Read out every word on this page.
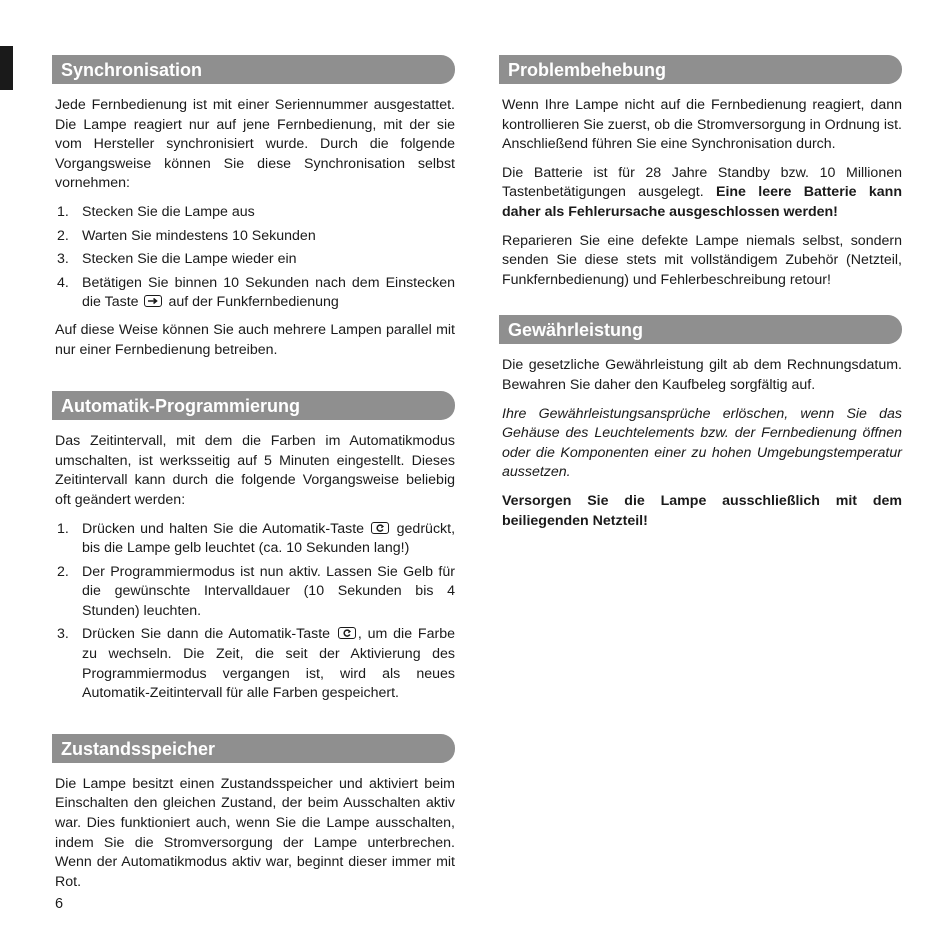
Synchronisation

Jede Fernbedienung ist mit einer Seriennummer ausgestattet. Die Lampe reagiert nur auf jene Fernbedienung, mit der sie vom Hersteller synchronisiert wurde. Durch die folgende Vorgangsweise können Sie diese Synchronisation selbst vornehmen:

1. Stecken Sie die Lampe aus
2. Warten Sie mindestens 10 Sekunden
3. Stecken Sie die Lampe wieder ein
4. Betätigen Sie binnen 10 Sekunden nach dem Einstecken die Taste auf der Funkfernbedienung

Auf diese Weise können Sie auch mehrere Lampen parallel mit nur einer Fernbedienung betreiben.

Automatik-Programmierung

Das Zeitintervall, mit dem die Farben im Automatikmodus umschalten, ist werksseitig auf 5 Minuten eingestellt. Dieses Zeitintervall kann durch die folgende Vorgangsweise beliebig oft geändert werden:

1. Drücken und halten Sie die Automatik-Taste gedrückt, bis die Lampe gelb leuchtet (ca. 10 Sekunden lang!)
2. Der Programmiermodus ist nun aktiv. Lassen Sie Gelb für die gewünschte Intervalldauer (10 Sekunden bis 4 Stunden) leuchten.
3. Drücken Sie dann die Automatik-Taste , um die Farbe zu wechseln. Die Zeit, die seit der Aktivierung des Programmiermodus vergangen ist, wird als neues Automatik-Zeitintervall für alle Farben gespeichert.
Zustandsspeicher

Die Lampe besitzt einen Zustandsspeicher und aktiviert beim Einschalten den gleichen Zustand, der beim Ausschalten aktiv war. Dies funktioniert auch, wenn Sie die Lampe ausschalten, indem Sie die Stromversorgung der Lampe unterbrechen. Wenn der Automatikmodus aktiv war, beginnt dieser immer mit Rot.

Problembehebung

Wenn Ihre Lampe nicht auf die Fernbedienung reagiert, dann kontrollieren Sie zuerst, ob die Stromversorgung in Ordnung ist. Anschließend führen Sie eine Synchronisation durch.

Die Batterie ist für 28 Jahre Standby bzw. 10 Millionen Tastenbetätigungen ausgelegt. Eine leere Batterie kann daher als Fehlerursache ausgeschlossen werden!

Reparieren Sie eine defekte Lampe niemals selbst, sondern senden Sie diese stets mit vollständigem Zubehör (Netzteil, Funkfernbedienung) und Fehlerbeschreibung retour!

Gewährleistung

Die gesetzliche Gewährleistung gilt ab dem Rechnungsdatum. Bewahren Sie daher den Kaufbeleg sorgfältig auf.

Ihre Gewährleistungsansprüche erlöschen, wenn Sie das Gehäuse des Leuchtelements bzw. der Fernbedienung öffnen oder die Komponenten einer zu hohen Umgebungstemperatur aussetzen.

Versorgen Sie die Lampe ausschließlich mit dem beiliegenden Netzteil!

6
